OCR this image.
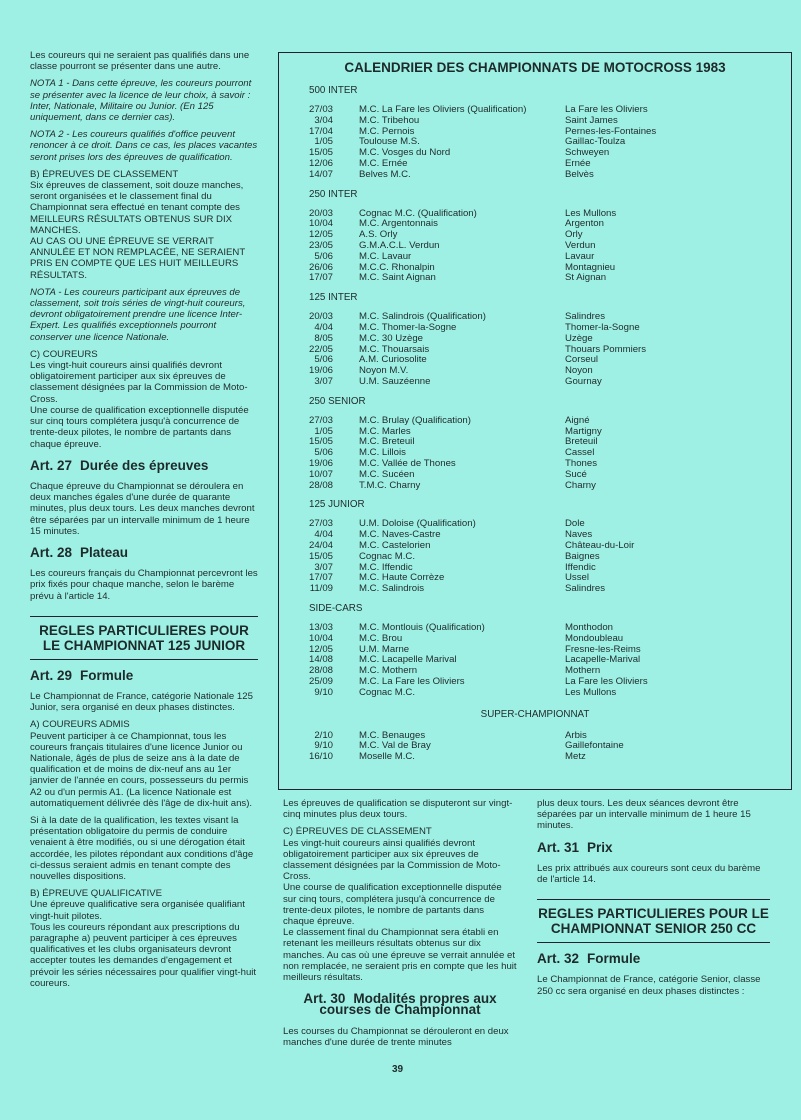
Les coureurs qui ne seraient pas qualifiés dans une classe pourront se présenter dans une autre.

NOTA 1 - Dans cette épreuve, les coureurs pourront se présenter avec la licence de leur choix, à savoir : Inter, Nationale, Militaire ou Junior. (En 125 uniquement, dans ce dernier cas).

NOTA 2 - Les coureurs qualifiés d'office peuvent renoncer à ce droit. Dans ce cas, les places vacantes seront prises lors des épreuves de qualification.

B) ÉPREUVES DE CLASSEMENT
Six épreuves de classement, soit douze manches, seront organisées et le classement final du Championnat sera effectué en tenant compte des MEILLEURS RÉSULTATS OBTENUS SUR DIX MANCHES.

AU CAS OU UNE ÉPREUVE SE VERRAIT ANNULÉE ET NON REMPLACÉE, NE SERAIENT PRIS EN COMPTE QUE LES HUIT MEILLEURS RÉSULTATS.

NOTA - Les coureurs participant aux épreuves de classement, soit trois séries de vingt-huit coureurs, devront obligatoirement prendre une licence Inter-Expert. Les qualifiés exceptionnels pourront conserver une licence Nationale.

C) COUREURS
Les vingt-huit coureurs ainsi qualifiés devront obligatoirement participer aux six épreuves de classement désignées par la Commission de Moto-Cross.

Une course de qualification exceptionnelle disputée sur cinq tours complétera jusqu'à concurrence de trente-deux pilotes, le nombre de partants dans chaque épreuve.

Art. 27 Durée des épreuves

Chaque épreuve du Championnat se déroulera en deux manches égales d'une durée de quarante minutes, plus deux tours. Les deux manches devront être séparées par un intervalle minimum de 1 heure 15 minutes.

Art. 28 Plateau

Les coureurs français du Championnat percevront les prix fixés pour chaque manche, selon le barème prévu à l'article 14.

REGLES PARTICULIERES POUR LE CHAMPIONNAT 125 JUNIOR
Art. 29 Formule

Le Championnat de France, catégorie Nationale 125 Junior, sera organisé en deux phases distinctes.

A) COUREURS ADMIS

Peuvent participer à ce Championnat, tous les coureurs français titulaires d'une licence Junior ou Nationale, âgés de plus de seize ans à la date de qualification et de moins de dix-neuf ans au 1er janvier de l'année en cours, possesseurs du permis A2 ou d'un permis A1. (La licence Nationale est automatiquement délivrée dès l'âge de dix-huit ans).

Si à la date de la qualification, les textes visant la présentation obligatoire du permis de conduire venaient à être modifiés, ou si une dérogation était accordée, les pilotes répondant aux conditions d'âge ci-dessus seraient admis en tenant compte des nouvelles dispositions.

B) ÉPREUVE QUALIFICATIVE
Une épreuve qualificative sera organisée qualifiant vingt-huit pilotes.
Tous les coureurs répondant aux prescriptions du paragraphe a) peuvent participer à ces épreuves qualificatives et les clubs organisateurs devront accepter toutes les demandes d'engagement et prévoir les séries nécessaires pour qualifier vingt-huit coureurs.
CALENDRIER DES CHAMPIONNATS DE MOTOCROSS 1983
500 INTER
27/03	M.C. La Fare les Oliviers (Qualification)	La Fare les Oliviers
3/04	M.C. Tribehou	Saint James
17/04	M.C. Pernois	Pernes-les-Fontaines
1/05	Toulouse M.S.	Gaillac-Toulza
15/05	M.C. Vosges du Nord	Schweyen
12/06	M.C. Ernée	Ernée
14/07	Belves M.C.	Belvès
250 INTER
20/03	Cognac M.C. (Qualification)	Les Mullons
10/04	M.C. Argentonnais	Argenton
12/05	A.S. Orly	Orly
23/05	G.M.A.C.L. Verdun	Verdun
5/06	M.C. Lavaur	Lavaur
26/06	M.C.C. Rhonalpin	Montagnieu
17/07	M.C. Saint Aignan	St Aignan
125 INTER
20/03	M.C. Salindrois (Qualification)	Salindres
4/04	M.C. Thomer-la-Sogne	Thomer-la-Sogne
8/05	M.C. 30 Uzège	Uzège
22/05	M.C. Thouarsais	Thouars Pommiers
5/06	A.M. Curiosolite	Corseul
19/06	Noyon M.V.	Noyon
3/07	U.M. Sauzéenne	Gournay
250 SENIOR
27/03	M.C. Brulay (Qualification)	Aigné
1/05	M.C. Marles	Martigny
15/05	M.C. Breteuil	Breteuil
5/06	M.C. Lillois	Cassel
19/06	M.C. Vallée de Thones	Thones
10/07	M.C. Sucéen	Sucé
28/08	T.M.C. Charny	Charny
125 JUNIOR
27/03	U.M. Doloise (Qualification)	Dole
4/04	M.C. Naves-Castre	Naves
24/04	M.C. Castelorien	Château-du-Loir
15/05	Cognac M.C.	Baignes
3/07	M.C. Iffendic	Iffendic
17/07	M.C. Haute Corrèze	Ussel
11/09	M.C. Salindrois	Salindres
SIDE-CARS
13/03	M.C. Montlouis (Qualification)	Monthodon
10/04	M.C. Brou	Mondoubleau
12/05	U.M. Marne	Fresne-les-Reims
14/08	M.C. Lacapelle Marival	Lacapelle-Marival
28/08	M.C. Mothern	Mothern
25/09	M.C. La Fare les Oliviers	La Fare les Oliviers
9/10	Cognac M.C.	Les Mullons
SUPER-CHAMPIONNAT
2/10	M.C. Benauges	Arbis
9/10	M.C. Val de Bray	Gaillefontaine
16/10	Moselle M.C.	Metz

Les épreuves de qualification se disputeront sur vingt-cinq minutes plus deux tours.

C) ÉPREUVES DE CLASSEMENT
Les vingt-huit coureurs ainsi qualifiés devront obligatoirement participer aux six épreuves de classement désignées par la Commission de Moto-Cross.
Une course de qualification exceptionnelle disputée sur cinq tours, complétera jusqu'à concurrence de trente-deux pilotes, le nombre de partants dans chaque épreuve.

Le classement final du Championnat sera établi en retenant les meilleurs résultats obtenus sur dix manches. Au cas où une épreuve se verrait annulée et non remplacée, ne seraient pris en compte que les huit meilleurs résultats.

Art. 30 Modalités propres aux courses de Championnat

Les courses du Championnat se dérouleront en deux manches d'une durée de trente minutes

plus deux tours. Les deux séances devront être séparées par un intervalle minimum de 1 heure 15 minutes.

Art. 31 Prix

Les prix attribués aux coureurs sont ceux du barème de l'article 14.

REGLES PARTICULIERES POUR LE CHAMPIONNAT SENIOR 250 CC
Art. 32 Formule

Le Championnat de France, catégorie Senior, classe 250 cc sera organisé en deux phases distinctes :

39
